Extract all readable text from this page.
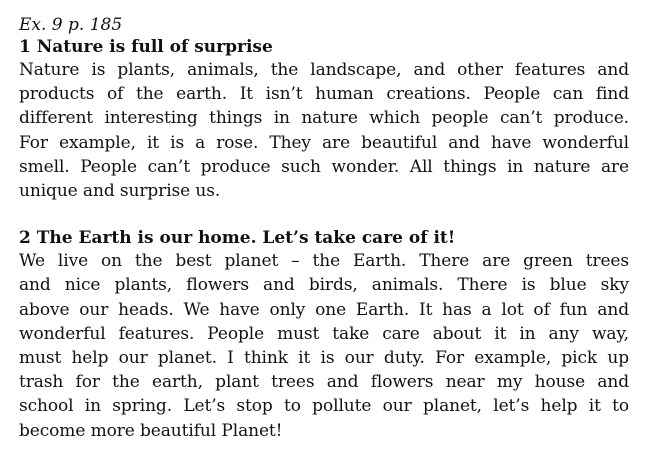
Ex. 9 p. 185

1 Nature is full of surprise

Nature is plants, animals, the landscape, and other features and
products of the earth. It isn’t human creations. People can find
different interesting things in nature which people can’t produce.
For example, it is a rose. They are beautiful and have wonderful
smell. People can’t produce such wonder. All things in nature are
unique and surprise us.

2 The Earth is our home. Let’s take care of it!

We live on the best planet – the Earth. There are green trees
and nice plants, flowers and birds, animals. There is blue sky
above our heads. We have only one Earth. It has a lot of fun and
wonderful features. People must take care about it in any way,
must help our planet. I think it is our duty. For example, pick up
trash for the earth, plant trees and flowers near my house and
school in spring. Let’s stop to pollute our planet, let’s help it to
become more beautiful Planet!
